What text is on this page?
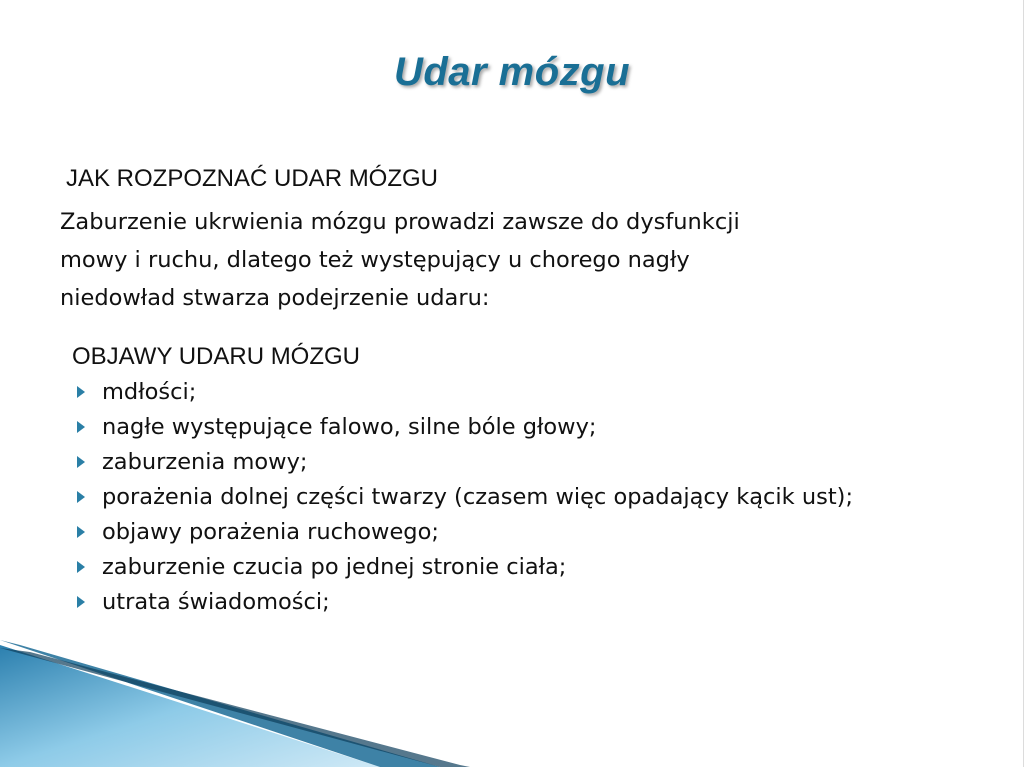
Udar mózgu
JAK ROZPOZNAĆ UDAR MÓZGU

Zaburzenie ukrwienia mózgu prowadzi zawsze do dysfunkcji
mowy i ruchu, dlatego też występujący u chorego nagły
niedowład stwarza podejrzenie udaru:

OBJAWY UDARU MÓZGU
mdłości;
nagłe występujące falowo, silne bóle głowy;
zaburzenia mowy;
porażenia dolnej części twarzy (czasem więc opadający kącik ust);
objawy porażenia ruchowego;
zaburzenie czucia po jednej stronie ciała;
utrata świadomości;
